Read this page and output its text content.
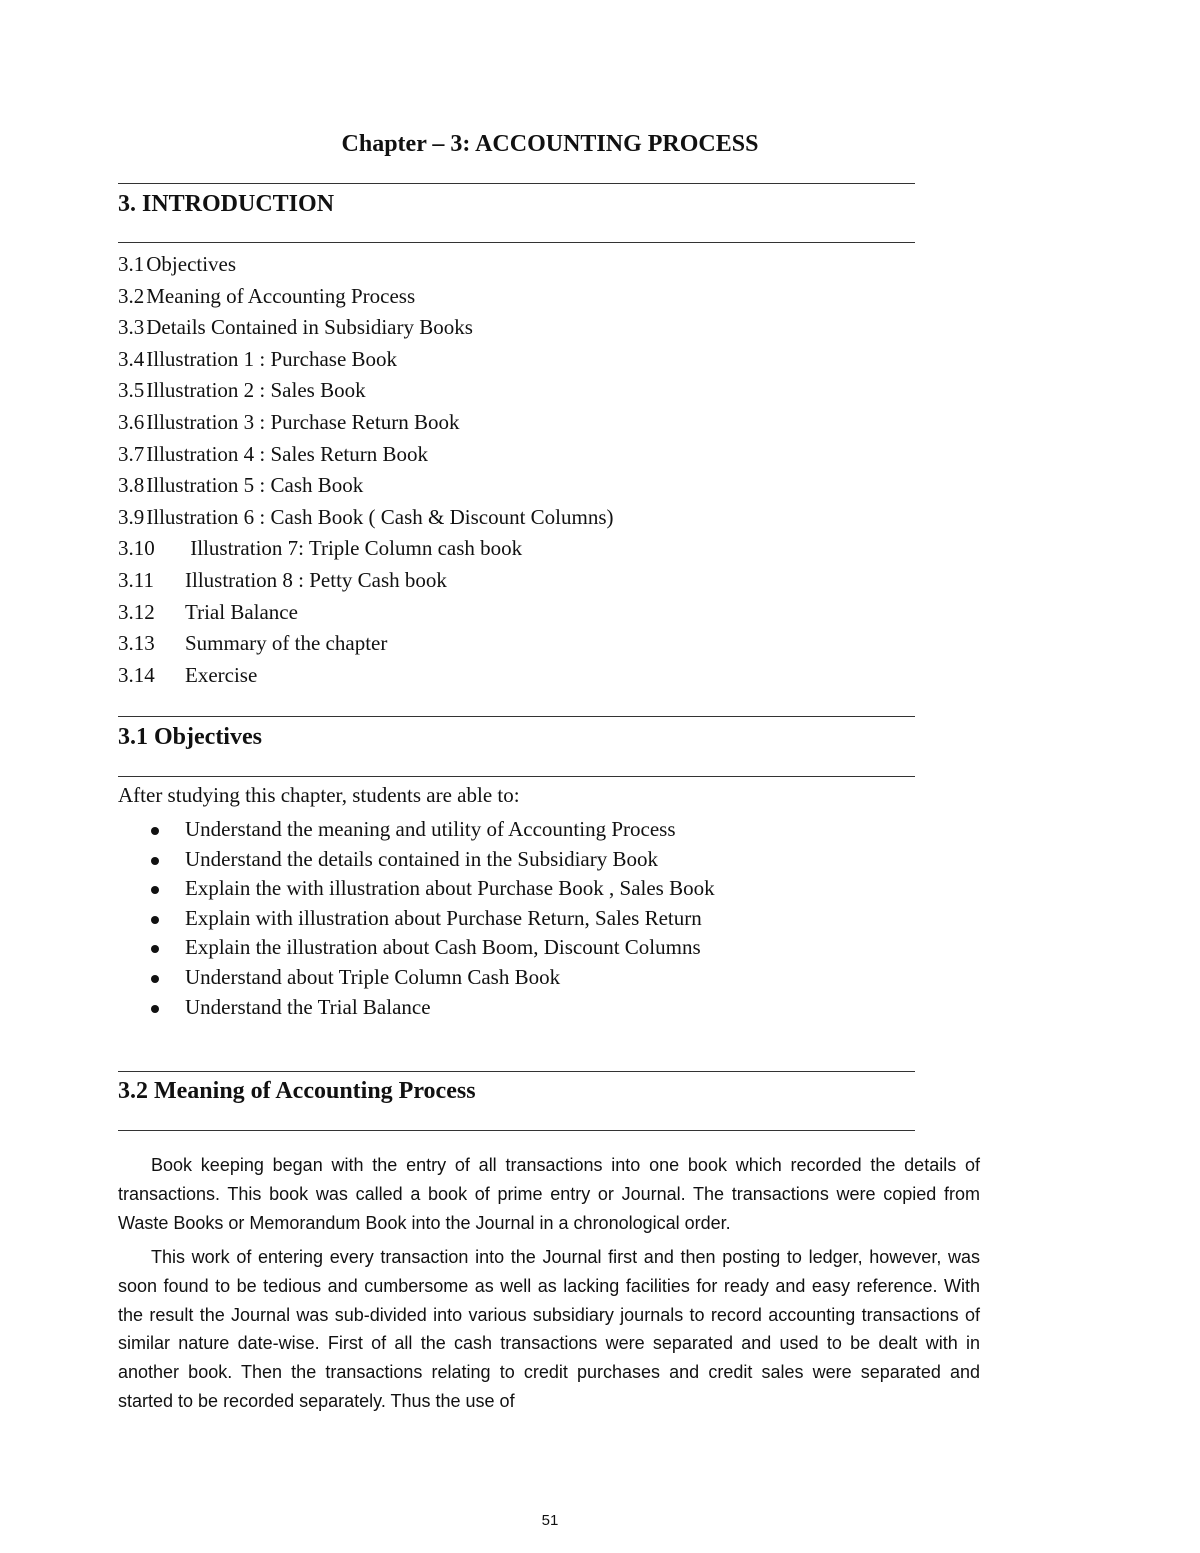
Chapter – 3: ACCOUNTING PROCESS
3. INTRODUCTION
3.1Objectives
3.2Meaning of Accounting Process
3.3Details Contained in Subsidiary Books
3.4Illustration 1 : Purchase Book
3.5Illustration 2 : Sales Book
3.6Illustration 3 : Purchase Return Book
3.7Illustration 4 : Sales Return Book
3.8Illustration 5 : Cash Book
3.9Illustration 6 : Cash Book ( Cash & Discount Columns)
3.10 Illustration 7: Triple Column cash book
3.11 Illustration 8 : Petty Cash book
3.12 Trial Balance
3.13 Summary of the chapter
3.14 Exercise
3.1 Objectives
After studying this chapter, students are able to:
Understand the meaning and utility of Accounting Process
Understand the details contained in the Subsidiary Book
Explain the with illustration about Purchase Book , Sales Book
Explain with illustration about Purchase Return, Sales Return
Explain the illustration about Cash Boom, Discount Columns
Understand about Triple Column Cash Book
Understand the Trial Balance
3.2 Meaning of Accounting Process

Book keeping began with the entry of all transactions into one book which recorded the details of transactions. This book was called a book of prime entry or Journal. The transactions were copied from Waste Books or Memorandum Book into the Journal in a chronological order.

This work of entering every transaction into the Journal first and then posting to ledger, however, was soon found to be tedious and cumbersome as well as lacking facilities for ready and easy reference. With the result the Journal was sub-divided into various subsidiary journals to record accounting transactions of similar nature date-wise. First of all the cash transactions were separated and used to be dealt with in another book. Then the transactions relating to credit purchases and credit sales were separated and started to be recorded separately. Thus the use of

51
